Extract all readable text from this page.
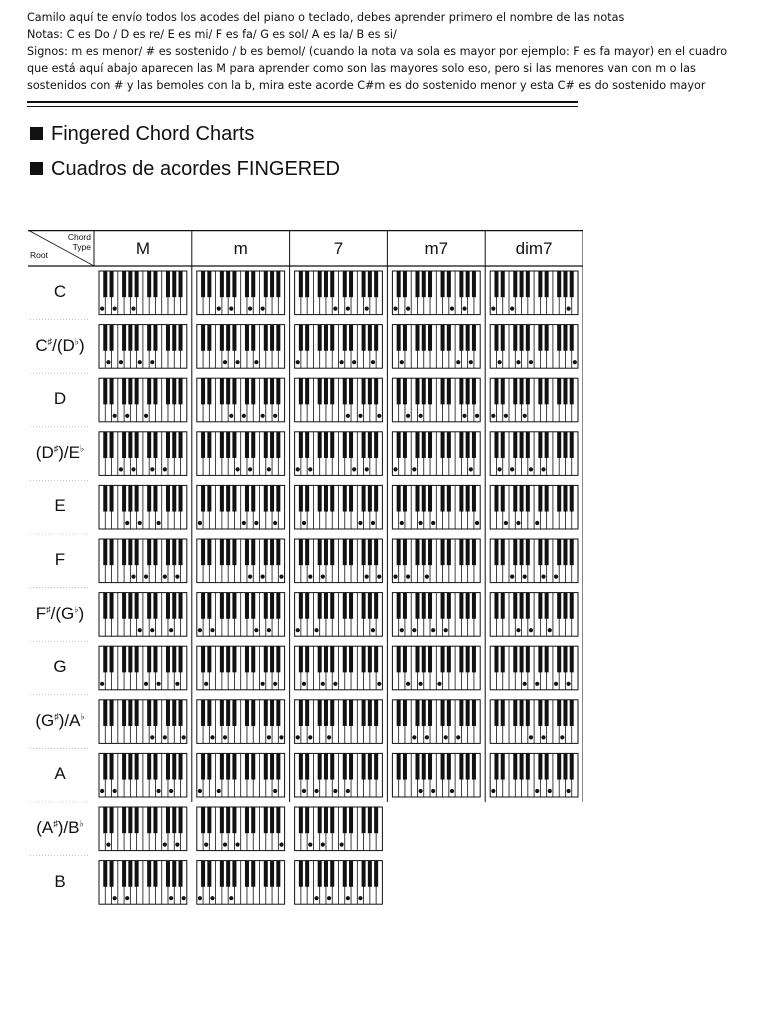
Camilo aquí te envío todos los acodes del piano o teclado, debes aprender primero el nombre de las notas
Notas: C es Do / D es re/ E es mi/ F es fa/ G es sol/ A es la/ B es si/
Signos: m es menor/ # es sostenido / b es bemol/ (cuando la nota va sola es mayor por ejemplo: F es fa mayor) en el cuadro
que está aquí abajo aparecen las M para aprender como son las mayores solo eso, pero si las menores van con m o las
sostenidos con # y las bemoles con la b, mira este acorde C#m es do sostenido menor y esta C# es do sostenido mayor
Fingered Chord Charts
Cuadros de acordes FINGERED
Chord
Type
Root	M	m	7	m7	dim7
C
C♯/(D♭)
D
(D♯)/E♭
E
F
F♯/(G♭)
G
(G♯)/A♭
A
(A♯)/B♭
B
